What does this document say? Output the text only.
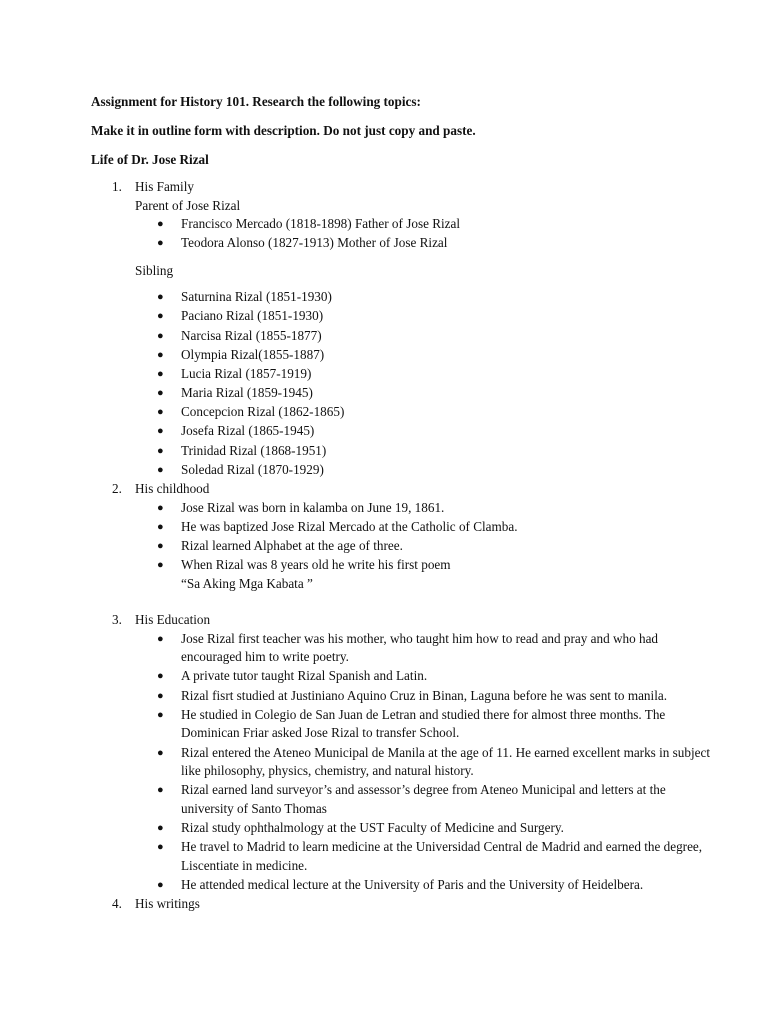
Assignment for History 101. Research the following topics:
Make it in outline form with description. Do not just copy and paste.
Life of Dr. Jose Rizal
1. His Family
Parent of Jose Rizal
● Francisco Mercado (1818-1898) Father of Jose Rizal
● Teodora Alonso (1827-1913) Mother of Jose Rizal
Sibling
● Saturnina Rizal (1851-1930)
● Paciano Rizal (1851-1930)
● Narcisa Rizal (1855-1877)
● Olympia Rizal(1855-1887)
● Lucia Rizal (1857-1919)
● Maria Rizal (1859-1945)
● Concepcion Rizal (1862-1865)
● Josefa Rizal (1865-1945)
● Trinidad Rizal (1868-1951)
● Soledad Rizal (1870-1929)
2. His childhood
● Jose Rizal was born in kalamba on June 19, 1861.
● He was baptized Jose Rizal Mercado at the Catholic of Clamba.
● Rizal learned Alphabet at the age of three.
● When Rizal was 8 years old he write his first poem
“Sa Aking Mga Kabata ”
3. His Education
● Jose Rizal first teacher was his mother, who taught him how to read and pray and who had encouraged him to write poetry.
● A private tutor taught Rizal Spanish and Latin.
● Rizal fisrt studied at Justiniano Aquino Cruz in Binan, Laguna before he was sent to manila.
● He studied in Colegio de San Juan de Letran and studied there for almost three months. The Dominican Friar asked Jose Rizal to transfer School.
● Rizal entered the Ateneo Municipal de Manila at the age of 11. He earned excellent marks in subject like philosophy, physics, chemistry, and natural history.
● Rizal earned land surveyor’s and assessor’s degree from Ateneo Municipal and letters at the university of Santo Thomas
● Rizal study ophthalmology at the UST Faculty of Medicine and Surgery.
● He travel to Madrid to learn medicine at the Universidad Central de Madrid and earned the degree, Liscentiate in medicine.
● He attended medical lecture at the University of Paris and the University of Heidelbera.
4. His writings
